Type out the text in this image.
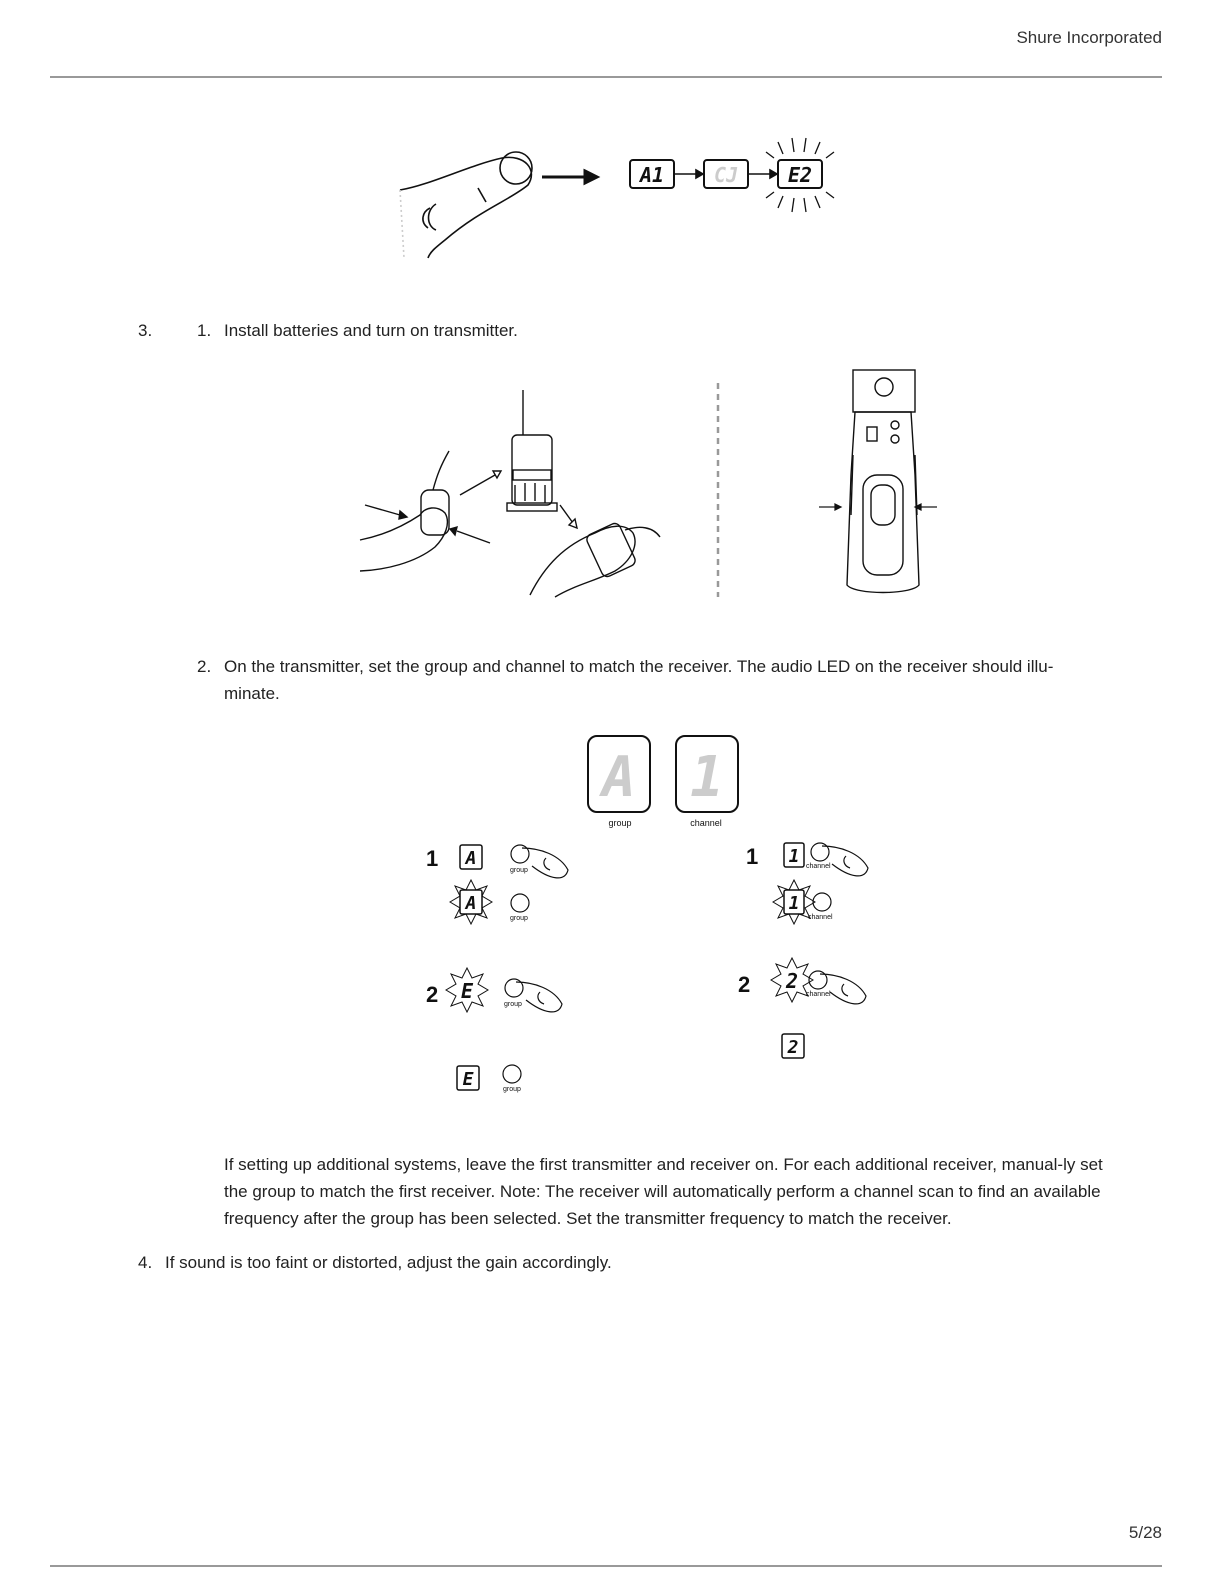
Shure Incorporated
A1 CJ E2
3.	1. Install batteries and turn on transmitter.
2. On the transmitter, set the group and channel to match the receiver. The audio LED on the receiver should illu-minate.
A
group
1
channel
1 A
group
A
group
2 E
group
E	group
1 1 channel
1
channel
2 2
channel
2
If setting up additional systems, leave the first transmitter and receiver on. For each additional receiver, manual-ly set the group to match the first receiver. Note: The receiver will automatically perform a channel scan to find an available frequency after the group has been selected. Set the transmitter frequency to match the receiver.
4. If sound is too faint or distorted, adjust the gain accordingly.
5/28
